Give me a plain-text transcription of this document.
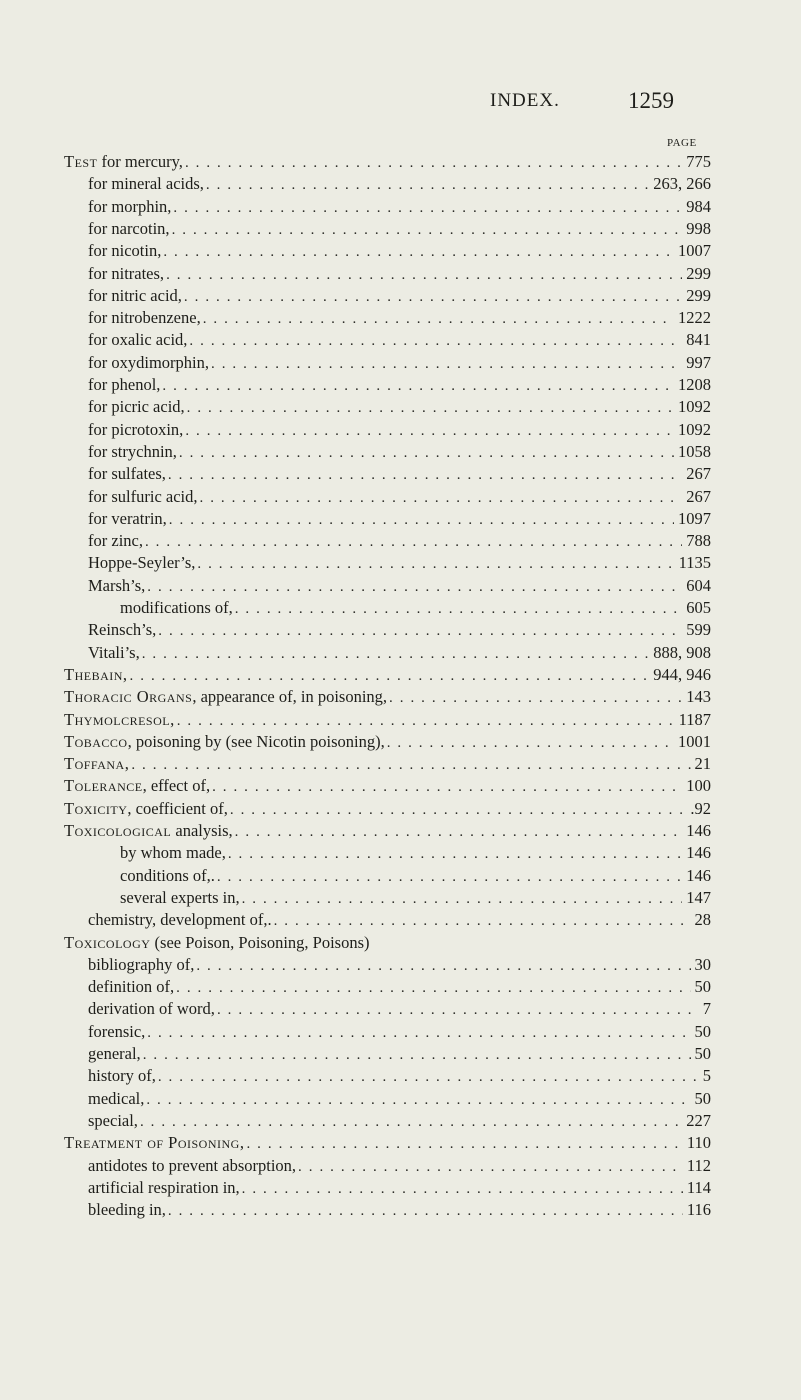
INDEX.	1259
PAGE
Test for mercury, . . .	775
for mineral acids, . . .	263, 266
for morphin, . . .	984
for narcotin, . . .	998
for nicotin, . . .	1007
for nitrates, . . .	299
for nitric acid, . . .	299
for nitrobenzene, . . .	1222
for oxalic acid, . . .	841
for oxydimorphin, . . .	997
for phenol, . . .	1208
for picric acid, . . .	1092
for picrotoxin, . . .	1092
for strychnin, . . .	1058
for sulfates, . . .	267
for sulfuric acid, . . .	267
for veratrin, . . .	1097
for zinc, . . .	788
Hoppe-Seyler’s, . . .	1135
Marsh’s, . . .	604
modifications of, . . .	605
Reinsch’s, . . .	599
Vitali’s, . . .	888, 908
Thebain, . . .	944, 946
Thoracic Organs, appearance of, in poisoning, . . .	143
Thymolcresol, . . .	1187
Tobacco, poisoning by (see Nicotin poisoning), . . .	1001
Toffana, . . .	21
Tolerance, effect of, . . .	100
Toxicity, coefficient of, . . .	.92
Toxicological analysis, . . .	146
by whom made, . . .	146
conditions of,. . . .	146
several experts in, . . .	147
chemistry, development of,. . . .	28
Toxicology (see Poison, Poisoning, Poisons)
bibliography of, . . .	30
definition of, . . .	50
derivation of word, . . .	7
forensic, . . .	50
general, . . .	50
history of, . . .	5
medical, . . .	50
special, . . .	227
Treatment of Poisoning, . . .	110
antidotes to prevent absorption, . . .	112
artificial respiration in, . . .	114
bleeding in, . . .	116
